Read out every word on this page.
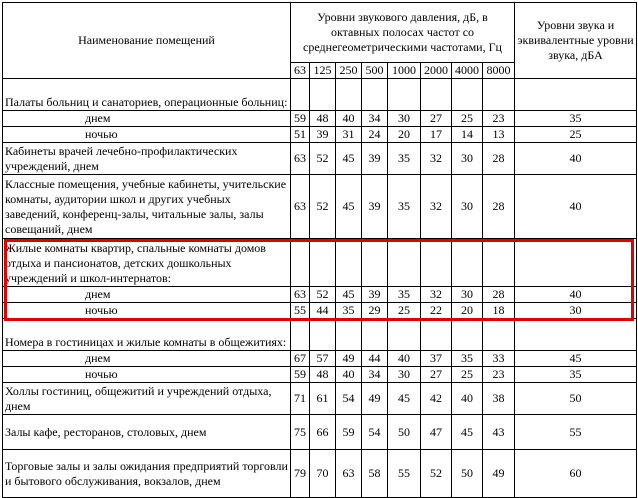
Наименование помещений	Уровни звукового давления, дБ, в октавных полосах частот со среднегеометрическими частотами, Гц								Уровни звука и эквивалентные уровни звука, дБА
	63	125	250	500	1000	2000	4000	8000	
Палаты больниц и санаториев, операционные больниц:									
днем	59	48	40	34	30	27	25	23	35
ночью	51	39	31	24	20	17	14	13	25
Кабинеты врачей лечебно-профилактических учреждений, днем	63	52	45	39	35	32	30	28	40
Классные помещения, учебные кабинеты, учительские комнаты, аудитории школ и других учебных заведений, конференц-залы, читальные залы, залы совещаний, днем	63	52	45	39	35	32	30	28	40
Жилые комнаты квартир, спальные комнаты домов отдыха и пансионатов, детских дошкольных учреждений и школ-интернатов:									
днем	63	52	45	39	35	32	30	28	40
ночью	55	44	35	29	25	22	20	18	30
Номера в гостиницах и жилые комнаты в общежитиях:									
днем	67	57	49	44	40	37	35	33	45
ночью	59	48	40	34	30	27	25	23	35
Холлы гостиниц, общежитий и учреждений отдыха, днем	71	61	54	49	45	42	40	38	50
Залы кафе, ресторанов, столовых, днем	75	66	59	54	50	47	45	43	55
Торговые залы и залы ожидания предприятий торговли и бытового обслуживания, вокзалов, днем	79	70	63	58	55	52	50	49	60
